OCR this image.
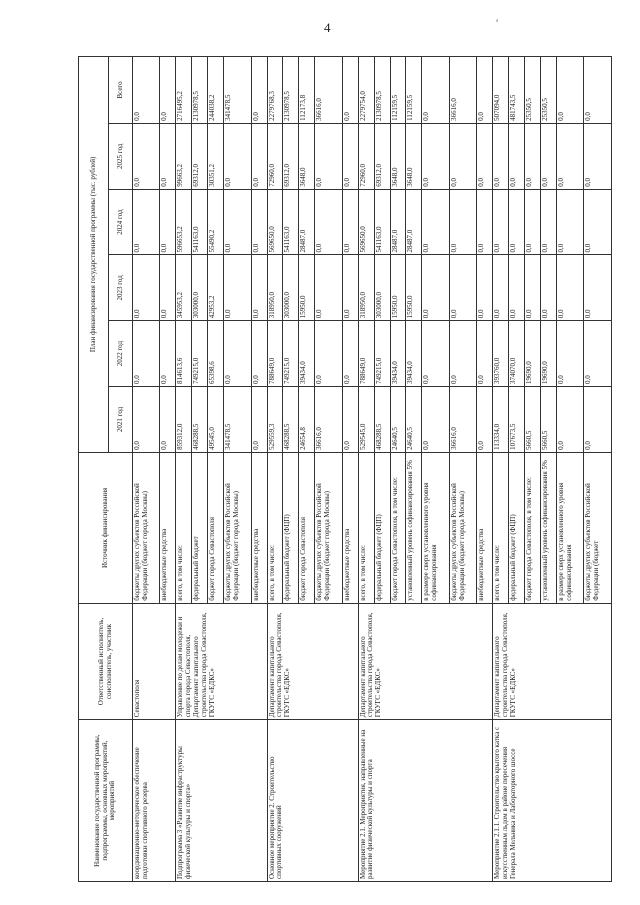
4	'
Наименование государственной программы, подпрограммы, основных мероприятий, мероприятий	Ответственный исполнитель, соисполнитель, участник	Источник финансирования	План финансирования государственной программы (тыс. рублей)					
			2021 год	2022 год	2023 год	2024 год	2025 год	Всего
координационно-методическое обеспечение подготовки спортивного резерва	Севастополя	бюджеты других субъектов Российской Федерации (бюджет города Москвы)	0,0	0,0	0,0	0,0	0,0	0,0
		внебюджетные средства	0,0	0,0	0,0	0,0	0,0	0,0
Подпрограмма 3 «Развитие инфраструктуры физической культуры и спорта»	Управление по делам молодежи и спорта города Севастополя, Департамент капитального строительства города Севастополя, ГКУГС «ЕДКС»	всего, в том числе:	859312,0	814613,6	345953,2	596653,2	99663,2	2716495,2
		федеральный бюджет	468288,5	749215,0	303000,0	541163,0	69312,0	2130978,5
		бюджет города Севастополя	49545,0	65398,6	42953,2	55490,2	30351,2	244038,2
		бюджеты других субъектов Российской Федерации (бюджет города Москвы)	341478,5	0,0	0,0	0,0	0,0	341478,5
		внебюджетные средства	0,0	0,0	0,0	0,0	0,0	0,0
Основное мероприятие 2. Строительство спортивных сооружений	Департамент капитального строительства города Севастополя, ГКУГС «ЕДКС»	всего, в том числе:	529559,3	788649,0	318950,0	569650,0	72960,0	2279768,3
		федеральный бюджет (ФЦП)	468288,5	749215,0	303000,0	541163,0	69312,0	2130978,5
		бюджет города Севастополя	24654,8	39434,0	15950,0	28487,0	3648,0	112173,8
		бюджеты других субъектов Российской Федерации (бюджет города Москвы)	36616,0	0,0	0,0	0,0	0,0	36616,0
		внебюджетные средства	0,0	0,0	0,0	0,0	0,0	0,0
Мероприятие 2.1. Мероприятия, направленные на развитие физической культуры и спорта	Департамент капитального строительства города Севастополя, ГКУГС «ЕДКС»	всего, в том числе:	529545,0	788649,0	318950,0	569650,0	72960,0	2279754,0
		федеральный бюджет (ФЦП)	468288,5	749215,0	303000,0	541163,0	69312,0	2130978,5
		бюджет города Севастополя, в том числе:	24640,5	39434,0	15950,0	28487,0	3648,0	112159,5
		установленный уровень софинансирования 5%	24640,5	39434,0	15950,0	28487,0	3648,0	112159,5
		в размере сверх установленного уровня софинансирования	0,0	0,0	0,0	0,0	0,0	0,0
		бюджеты других субъектов Российской Федерации (бюджет города Москвы)	36616,0	0,0	0,0	0,0	0,0	36616,0
		внебюджетные средства	0,0	0,0	0,0	0,0	0,0	0,0
Мероприятие 2.1.1. Строительство крытого катка с искусственным льдом в районе пересечения Генерала Мельника и Лабораторного шоссе	Департамент капитального строительства города Севастополя, ГКУГС «ЕДКС»	всего, в том числе:	113334,0	393760,0	0,0	0,0	0,0	507094,0
		федеральный бюджет (ФЦП)	107673,5	374070,0	0,0	0,0	0,0	481743,5
		бюджет города Севастополя, в том числе:	5660,5	19690,0	0,0	0,0	0,0	25350,5
		установленный уровень софинансирования 5%	5660,5	19690,0	0,0	0,0	0,0	25350,5
		в размере сверх установленного уровня софинансирования	0,0	0,0	0,0	0,0	0,0	0,0
		бюджеты других субъектов Российской Федерации (бюджет	0,0	0,0	0,0	0,0	0,0	0,0
